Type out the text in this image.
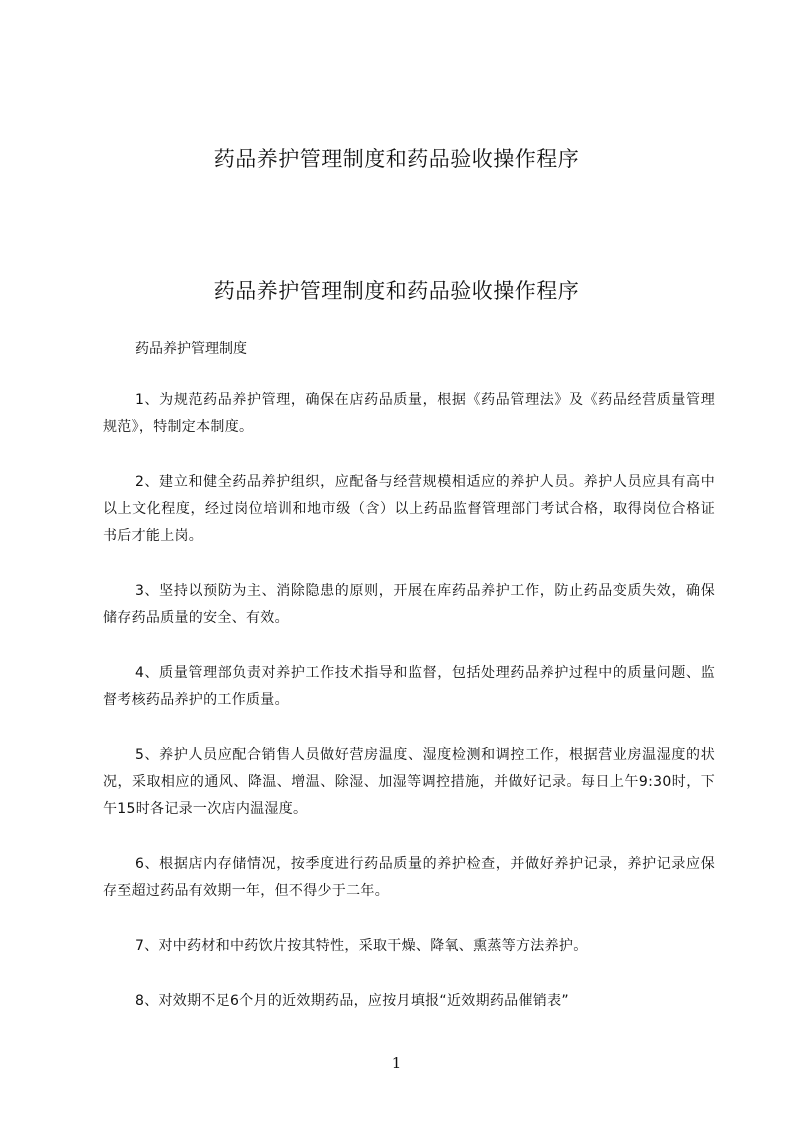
药品养护管理制度和药品验收操作程序
药品养护管理制度和药品验收操作程序

药品养护管理制度

1、为规范药品养护管理，确保在店药品质量，根据《药品管理法》及《药品经营质量管理规范》，特制定本制度。

2、建立和健全药品养护组织，应配备与经营规模相适应的养护人员。养护人员应具有高中以上文化程度，经过岗位培训和地市级（含）以上药品监督管理部门考试合格，取得岗位合格证书后才能上岗。

3、坚持以预防为主、消除隐患的原则，开展在库药品养护工作，防止药品变质失效，确保储存药品质量的安全、有效。

4、质量管理部负责对养护工作技术指导和监督，包括处理药品养护过程中的质量问题、监督考核药品养护的工作质量。

5、养护人员应配合销售人员做好营房温度、湿度检测和调控工作，根据营业房温湿度的状况，采取相应的通风、降温、增温、除湿、加湿等调控措施，并做好记录。每日上午9:30时，下午15时各记录一次店内温湿度。

6、根据店内存储情况，按季度进行药品质量的养护检查，并做好养护记录，养护记录应保存至超过药品有效期一年，但不得少于二年。

7、对中药材和中药饮片按其特性，采取干燥、降氧、熏蒸等方法养护。

8、对效期不足6个月的近效期药品，应按月填报“近效期药品催销表”

1
